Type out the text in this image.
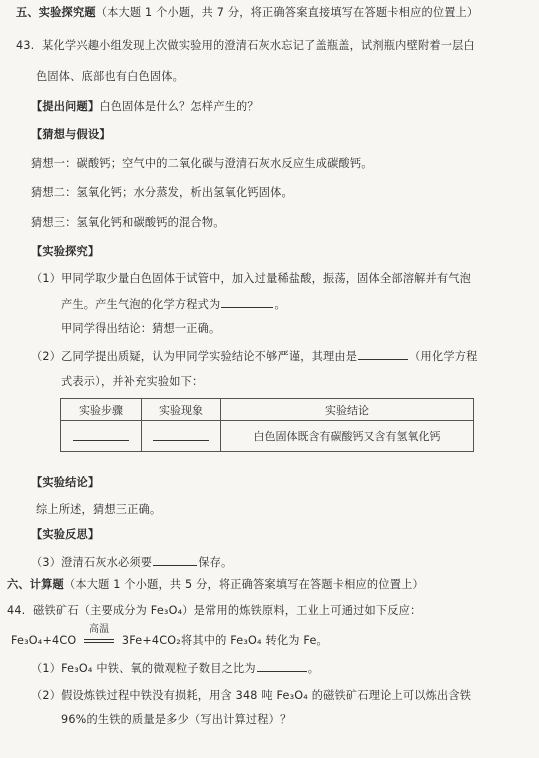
五、实验探究题（本大题 1 个小题，共 7 分，将正确答案直接填写在答题卡相应的位置上）
43. 某化学兴趣小组发现上次做实验用的澄清石灰水忘记了盖瓶盖，试剂瓶内壁附着一层白
色固体、底部也有白色固体。
【提出问题】白色固体是什么？怎样产生的？
【猜想与假设】
猜想一：碳酸钙；空气中的二氧化碳与澄清石灰水反应生成碳酸钙。
猜想二：氢氧化钙；水分蒸发，析出氢氧化钙固体。
猜想三：氢氧化钙和碳酸钙的混合物。
【实验探究】
（1）甲同学取少量白色固体于试管中，加入过量稀盐酸，振荡，固体全部溶解并有气泡
产生。产生气泡的化学方程式为	。
甲同学得出结论：猜想一正确。
（2）乙同学提出质疑，认为甲同学实验结论不够严谨，其理由是	（用化学方程
式表示），并补充实验如下：
实验步骤	实验现象	实验结论
		白色固体既含有碳酸钙又含有氢氧化钙
【实验结论】
综上所述，猜想三正确。
【实验反思】
（3）澄清石灰水必须要	保存。
六、计算题（本大题 1 个小题，共 5 分，将正确答案填写在答题卡相应的位置上）
44. 磁铁矿石（主要成分为 Fe₃O₄）是常用的炼铁原料，工业上可通过如下反应：
Fe₃O₄+4CO
高温
3Fe+4CO₂将其中的 Fe₃O₄ 转化为 Fe。
（1）Fe₃O₄ 中铁、氧的微观粒子数目之比为	。
（2）假设炼铁过程中铁没有损耗，用含 348 吨 Fe₃O₄ 的磁铁矿石理论上可以炼出含铁
96%的生铁的质量是多少（写出计算过程）？
